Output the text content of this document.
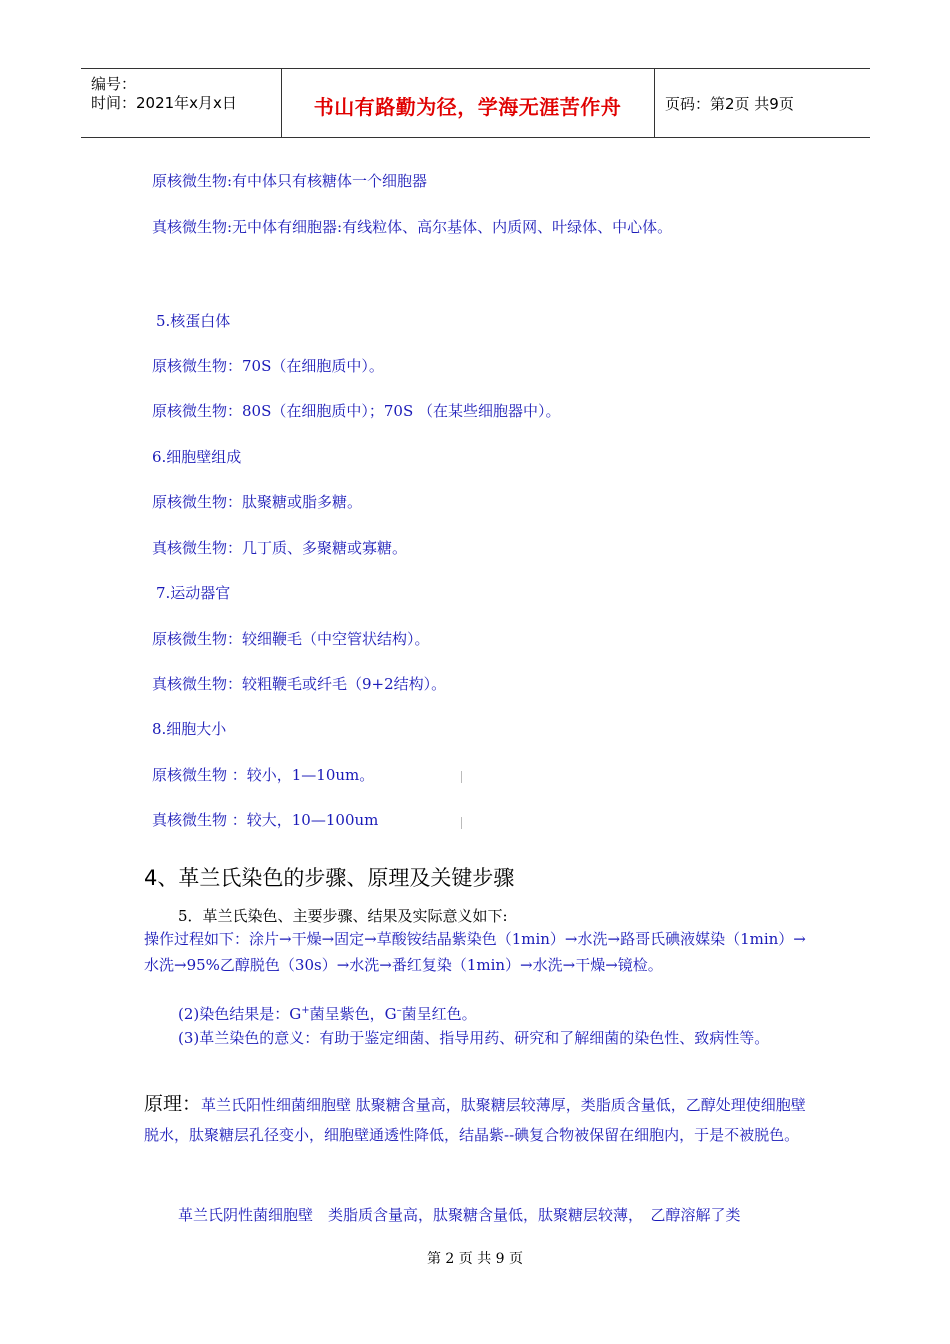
编号：
时间：2021年x月x日	书山有路勤为径，学海无涯苦作舟	页码：第2页 共9页
原核微生物:有中体只有核糖体一个细胞器
真核微生物:无中体有细胞器:有线粒体、高尔基体、内质网、叶绿体、中心体。
5.核蛋白体
原核微生物：70S（在细胞质中）。
原核微生物：80S（在细胞质中）；70S （在某些细胞器中）。
6.细胞壁组成
原核微生物：肽聚糖或脂多糖。
真核微生物：几丁质、多聚糖或寡糖。
7.运动器官
原核微生物：较细鞭毛（中空管状结构）。
真核微生物：较粗鞭毛或纤毛（9+2结构）。
8.细胞大小
原核微生物 ：较小，1—10um。
真核微生物 ：较大，10—100um
4、革兰氏染色的步骤、原理及关键步骤
5．革兰氏染色、主要步骤、结果及实际意义如下:
操作过程如下：涂片→干燥→固定→草酸铵结晶紫染色（1min）→水洗→路哥氏碘液媒染（1min）→水洗→95%乙醇脱色（30s）→水洗→番红复染（1min）→水洗→干燥→镜检。
(2)染色结果是：G+菌呈紫色，G–菌呈红色。
(3)革兰染色的意义：有助于鉴定细菌、指导用药、研究和了解细菌的染色性、致病性等。
原理：革兰氏阳性细菌细胞壁 肽聚糖含量高，肽聚糖层较薄厚，类脂质含量低，乙醇处理使细胞壁脱水，肽聚糖层孔径变小，细胞壁通透性降低，结晶紫--碘复合物被保留在细胞内，于是不被脱色。
革兰氏阴性菌细胞壁　类脂质含量高，肽聚糖含量低，肽聚糖层较薄，　乙醇溶解了类
第 2 页 共 9 页
